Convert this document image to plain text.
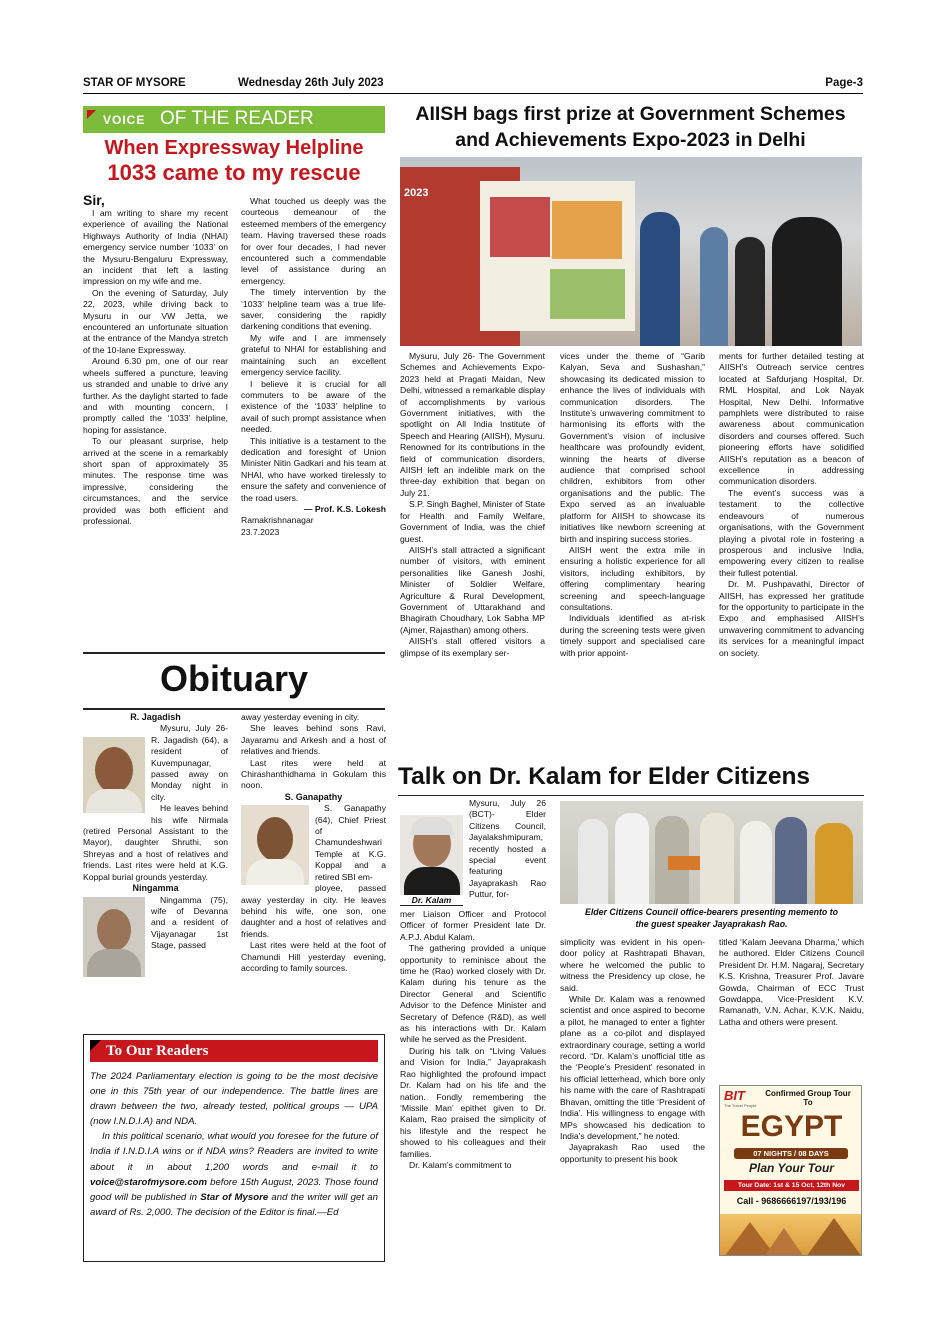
STAR OF MYSORE	Wednesday 26th July 2023	Page-3
VOICE OF THE READER
When Expressway Helpline
1033 came to my rescue

Sir,

I am writing to share my recent experience of availing the National Highways Authority of India (NHAI) emergency service number ‘1033’ on the Mysuru-Bengaluru Expressway, an incident that left a lasting impression on my wife and me.

On the evening of Saturday, July 22, 2023, while driving back to Mysuru in our VW Jetta, we encountered an unfortunate situation at the entrance of the Mandya stretch of the 10-lane Expressway.

Around 6.30 pm, one of our rear wheels suffered a puncture, leaving us stranded and unable to drive any further. As the daylight started to fade and with mounting concern, I promptly called the ‘1033’ helpline, hoping for assistance.

To our pleasant surprise, help arrived at the scene in a remarkably short span of approximately 35 minutes. The response time was impressive, considering the circumstances, and the service provided was both efficient and professional.

What touched us deeply was the courteous demeanour of the esteemed members of the emergency team. Having traversed these roads for over four decades, I had never encountered such a commendable level of assistance during an emergency.

The timely intervention by the ‘1033’ helpline team was a true life-saver, considering the rapidly darkening conditions that evening.

My wife and I are immensely grateful to NHAI for establishing and maintaining such an excellent emergency service facility.

I believe it is crucial for all commuters to be aware of the existence of the ‘1033’ helpline to avail of such prompt assistance when needed.

This initiative is a testament to the dedication and foresight of Union Minister Nitin Gadkari and his team at NHAI, who have worked tirelessly to ensure the safety and convenience of the road users.

— Prof. K.S. Lokesh

Ramakrishnanagar

23.7.2023

Obituary
R. Jagadish

Mysuru, July 26- R. Jagadish (64), a resident of Kuvempunagar, passed away on Monday night in city.

He leaves behind his wife Nirmala (retired Personal Assistant to the Mayor), daughter Shruthi, son Shreyas and a host of relatives and friends. Last rites were held at K.G. Koppal burial grounds yesterday.

Ningamma

Ningamma (75), wife of Devanna and a resident of Vijayanagar 1st Stage, passed

away yesterday evening in city.

She leaves behind sons Ravi, Jayaramu and Arkesh and a host of relatives and friends.

Last rites were held at Chirashanthidhama in Gokulam this noon.

S. Ganapathy

S. Ganapathy (64), Chief Priest of Chamundeshwari Temple at K.G. Koppal and a retired SBI em-

ployee, passed away yesterday in city. He leaves behind his wife, one son, one daughter and a host of relatives and friends.

Last rites were held at the foot of Chamundi Hill yesterday evening, according to family sources.

To Our Readers

The 2024 Parliamentary election is going to be the most decisive one in this 75th year of our independence. The battle lines are drawn between the two, already tested, political groups — UPA (now I.N.D.I.A) and NDA.

In this political scenario, what would you foresee for the future of India if I.N.D.I.A wins or if NDA wins? Readers are invited to write about it in about 1,200 words and e-mail it to voice@starofmysore.com before 15th August, 2023. Those found good will be published in Star of Mysore and the writer will get an award of Rs. 2,000. The decision of the Editor is final.—Ed

AIISH bags first prize at Government Schemes
and Achievements Expo-2023 in Delhi
2023

Mysuru, July 26- The Government Schemes and Achievements Expo-2023 held at Pragati Maidan, New Delhi, witnessed a remarkable display of accomplishments by various Government initiatives, with the spotlight on All India Institute of Speech and Hearing (AIISH), Mysuru. Renowned for its contributions in the field of communication disorders, AIISH left an indelible mark on the three-day exhibition that began on July 21.

S.P. Singh Baghel, Minister of State for Health and Family Welfare, Government of India, was the chief guest.

AIISH’s stall attracted a significant number of visitors, with eminent personalities like Ganesh Joshi, Minister of Soldier Welfare, Agriculture & Rural Development, Government of Uttarakhand and Bhagirath Choudhary, Lok Sabha MP (Ajmer, Rajasthan) among others.

AIISH’s stall offered visitors a glimpse of its exemplary ser-

vices under the theme of “Garib Kalyan, Seva and Sushashan,” showcasing its dedicated mission to enhance the lives of individuals with communication disorders. The Institute’s unwavering commitment to harmonising its efforts with the Government’s vision of inclusive healthcare was profoundly evident, winning the hearts of diverse audience that comprised school children, exhibitors from other organisations and the public. The Expo served as an invaluable platform for AIISH to showcase its initiatives like newborn screening at birth and inspiring success stories.

AIISH went the extra mile in ensuring a holistic experience for all visitors, including exhibitors, by offering complimentary hearing screening and speech-language consultations.

Individuals identified as at-risk during the screening tests were given timely support and specialised care with prior appoint-

ments for further detailed testing at AIISH’s Outreach service centres located at Safdurjang Hospital, Dr. RML Hospital, and Lok Nayak Hospital, New Delhi. Informative pamphlets were distributed to raise awareness about communication disorders and courses offered. Such pioneering efforts have solidified AIISH’s reputation as a beacon of excellence in addressing communication disorders.

The event’s success was a testament to the collective endeavours of numerous organisations, with the Government playing a pivotal role in fostering a prosperous and inclusive India, empowering every citizen to realise their fullest potential.

Dr. M. Pushpavathi, Director of AIISH, has expressed her gratitude for the opportunity to participate in the Expo and emphasised AIISH’s unwavering commitment to advancing its services for a meaningful impact on society.

Talk on Dr. Kalam for Elder Citizens
Dr. Kalam

Mysuru, July 26 (BCT)- Elder Citizens Council, Jayalakshmipuram, recently hosted a special event featuring Jayaprakash Rao Puttur, for-

mer Liaison Officer and Protocol Officer of former President late Dr. A.P.J. Abdul Kalam.

The gathering provided a unique opportunity to reminisce about the time he (Rao) worked closely with Dr. Kalam during his tenure as the Director General and Scientific Advisor to the Defence Minister and Secretary of Defence (R&D), as well as his interactions with Dr. Kalam while he served as the President.

During his talk on “Living Values and Vision for India,” Jayaprakash Rao highlighted the profound impact Dr. Kalam had on his life and the nation. Fondly remembering the ‘Missile Man’ epithet given to Dr. Kalam, Rao praised the simplicity of his lifestyle and the respect he showed to his colleagues and their families.

Dr. Kalam’s commitment to

Elder Citizens Council office-bearers presenting memento to
the guest speaker Jayaprakash Rao.

simplicity was evident in his open-door policy at Rashtrapati Bhavan, where he welcomed the public to witness the Presidency up close, he said.

While Dr. Kalam was a renowned scientist and once aspired to become a pilot, he managed to enter a fighter plane as a co-pilot and displayed extraordinary courage, setting a world record. “Dr. Kalam’s unofficial title as the ‘People’s President’ resonated in his official letterhead, which bore only his name with the care of Rashtrapati Bhavan, omitting the title ‘President of India’. His willingness to engage with MPs showcased his dedication to India’s development,” he noted.

Jayaprakash Rao used the opportunity to present his book

titled ‘Kalam Jeevana Dharma,’ which he authored. Elder Citizens Council President Dr. H.M. Nagaraj, Secretary K.S. Krishna, Treasurer Prof. Javare Gowda, Chairman of ECC Trust Gowdappa, Vice-President K.V. Ramanath, V.N. Achar, K.V.K. Naidu, Latha and others were present.

BIT
The Travel People
Confirmed Group Tour
To
EGYPT
07 NIGHTS / 08 DAYS
Plan Your Tour
Tour Date: 1st & 15 Oct, 12th Nov
Call - 9686666197/193/196
